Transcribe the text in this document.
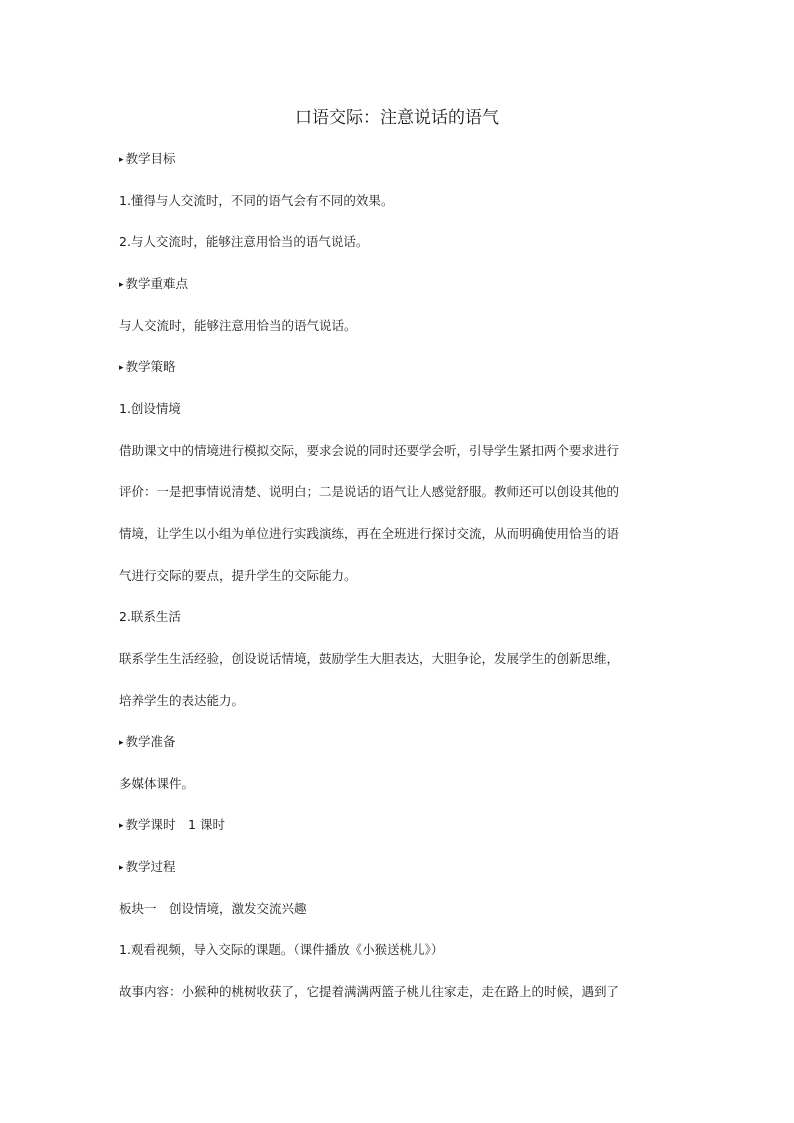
口语交际：注意说话的语气
▸ 教学目标
1.懂得与人交流时，不同的语气会有不同的效果。
2.与人交流时，能够注意用恰当的语气说话。
▸ 教学重难点
与人交流时，能够注意用恰当的语气说话。
▸ 教学策略
1.创设情境
借助课文中的情境进行模拟交际，要求会说的同时还要学会听，引导学生紧扣两个要求进行
评价：一是把事情说清楚、说明白；二是说话的语气让人感觉舒服。教师还可以创设其他的
情境，让学生以小组为单位进行实践演练，再在全班进行探讨交流，从而明确使用恰当的语
气进行交际的要点，提升学生的交际能力。
2.联系生活
联系学生生活经验，创设说话情境，鼓励学生大胆表达，大胆争论，发展学生的创新思维，
培养学生的表达能力。
▸ 教学准备
多媒体课件。
▸ 教学课时　1 课时
▸ 教学过程
板块一　创设情境，激发交流兴趣
1.观看视频，导入交际的课题。（课件播放《小猴送桃儿》）
故事内容：小猴种的桃树收获了，它提着满满两篮子桃儿往家走，走在路上的时候，遇到了
